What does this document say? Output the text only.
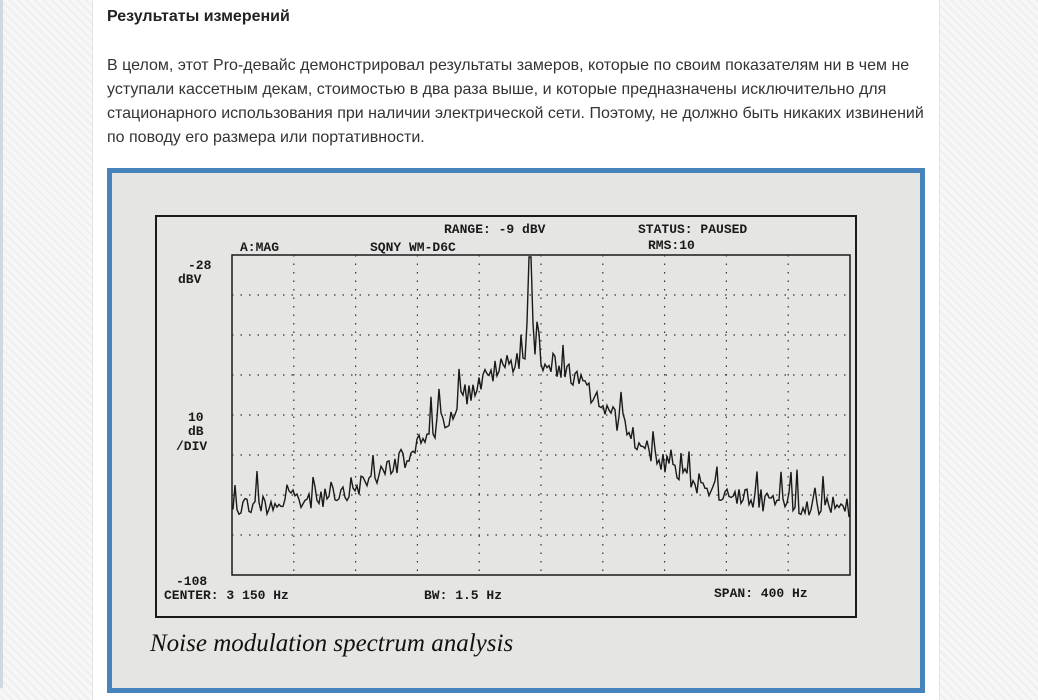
Результаты измерений
В целом, этот Pro-девайс демонстрировал результаты замеров, которые по своим показателям ни в чем не уступали кассетным декам, стоимостью в два раза выше, и которые предназначены исключительно для стационарного использования при наличии электрической сети. Поэтому, не должно быть никаких извинений по поводу его размера или портативности.
RANGE: -9 dBV	STATUS: PAUSED
A:MAG	SQNY WM-D6C	RMS:10
-28
dBV
10
dB
/DIV
-108
CENTER: 3 150 Hz	BW: 1.5 Hz	SPAN: 400 Hz
Noise modulation spectrum analysis
